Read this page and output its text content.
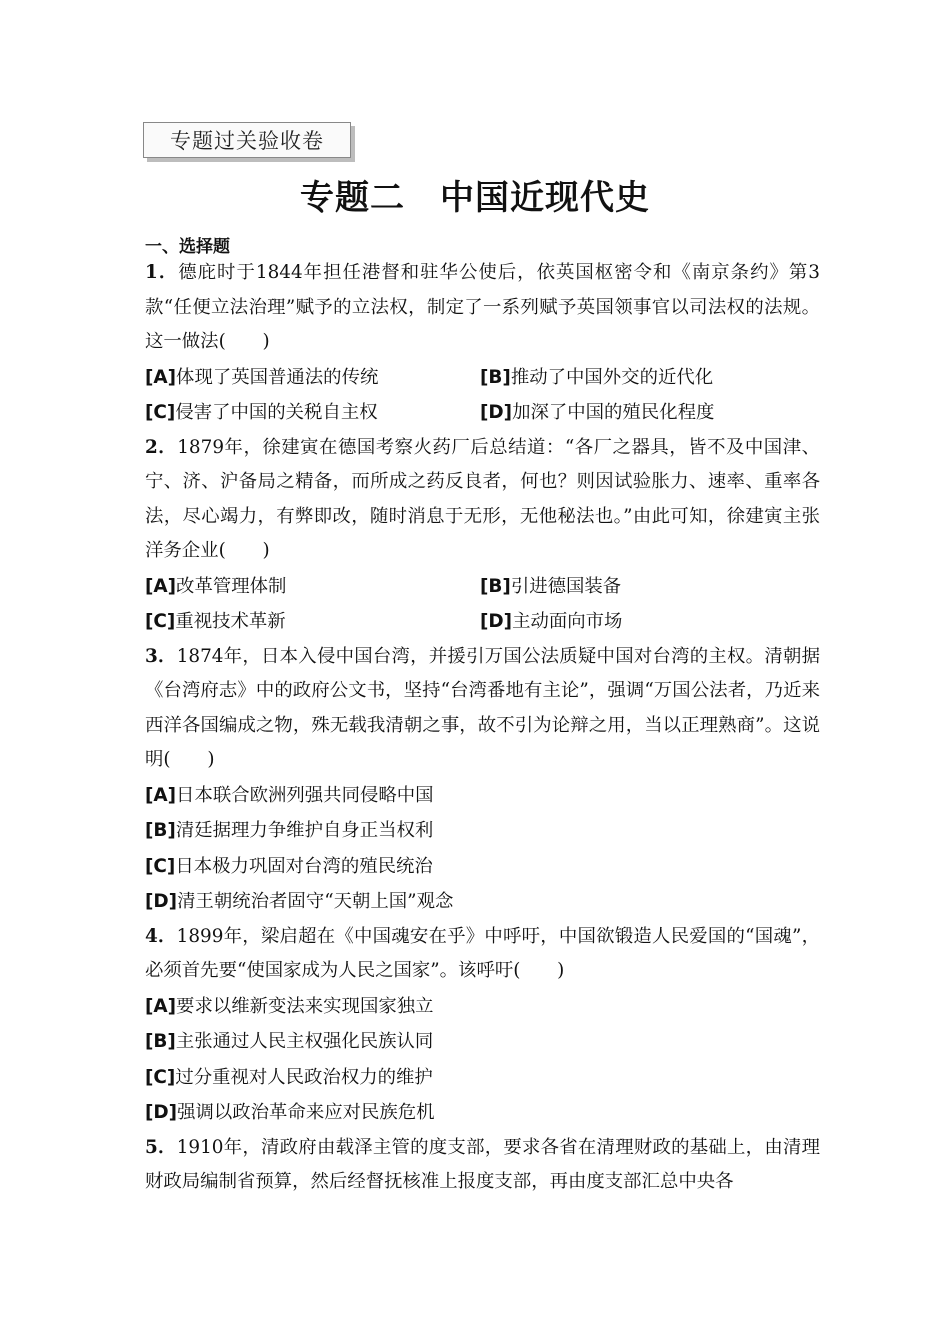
专题过关验收卷
专题二　中国近现代史
一、选择题

1．德庇时于1844年担任港督和驻华公使后，依英国枢密令和《南京条约》第3款“任便立法治理”赋予的立法权，制定了一系列赋予英国领事官以司法权的法规。这一做法(　　)

[A]体现了英国普通法的传统	[B]推动了中国外交的近代化
[C]侵害了中国的关税自主权	[D]加深了中国的殖民化程度

2．1879年，徐建寅在德国考察火药厂后总结道：“各厂之器具，皆不及中国津、宁、济、沪备局之精备，而所成之药反良者，何也？则因试验胀力、速率、重率各法，尽心竭力，有弊即改，随时消息于无形，无他秘法也。”由此可知，徐建寅主张洋务企业(　　)

[A]改革管理体制	[B]引进德国装备
[C]重视技术革新	[D]主动面向市场

3．1874年，日本入侵中国台湾，并援引万国公法质疑中国对台湾的主权。清朝据《台湾府志》中的政府公文书，坚持“台湾番地有主论”，强调“万国公法者，乃近来西洋各国编成之物，殊无载我清朝之事，故不引为论辩之用，当以正理熟商”。这说明(　　)

[A]日本联合欧洲列强共同侵略中国
[B]清廷据理力争维护自身正当权利
[C]日本极力巩固对台湾的殖民统治
[D]清王朝统治者固守“天朝上国”观念

4．1899年，梁启超在《中国魂安在乎》中呼吁，中国欲锻造人民爱国的“国魂”，必须首先要“使国家成为人民之国家”。该呼吁(　　)

[A]要求以维新变法来实现国家独立
[B]主张通过人民主权强化民族认同
[C]过分重视对人民政治权力的维护
[D]强调以政治革命来应对民族危机

5．1910年，清政府由载泽主管的度支部，要求各省在清理财政的基础上，由清理财政局编制省预算，然后经督抚核准上报度支部，再由度支部汇总中央各
